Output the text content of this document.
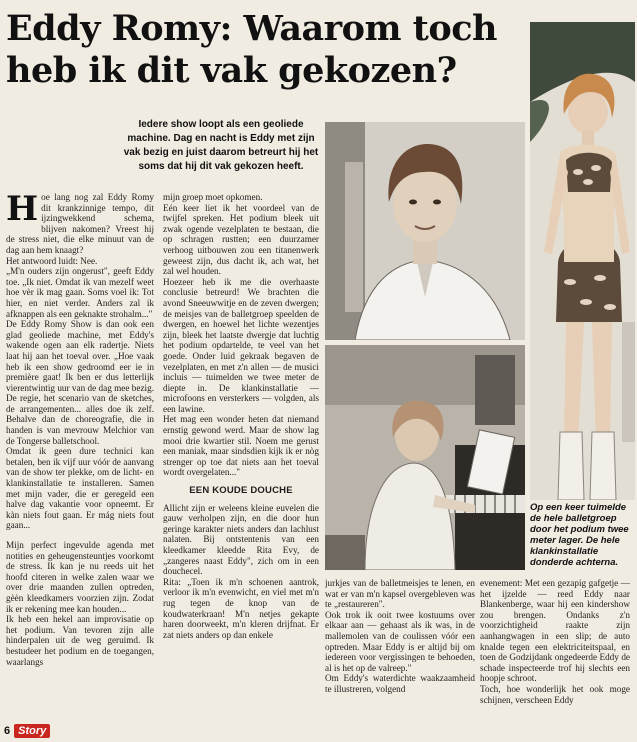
Eddy Romy: Waarom toch
heb ik dit vak gekozen?
Iedere show loopt als een geoliede machine. Dag en nacht is Eddy met zijn vak bezig en juist daarom betreurt hij het soms dat hij dit vak gekozen heeft.
H oe lang nog zal Eddy Romy dit krankzinnige tempo, dit ijzingwekkend schema, blijven nakomen? Vreest hij de stress niet, die elke minuut van de dag aan hem knaagt?

Het antwoord luidt: Nee.

„M'n ouders zijn ongerust", geeft Eddy toe. „Ik niet. Omdat ik van mezelf weet hoe vèr ik mag gaan. Soms voel ik: Tot hier, en niet verder. Anders zal ik afknappen als een geknakte strohalm..."

De Eddy Romy Show is dan ook een glad geoliede machine, met Eddy's wakende ogen aan elk radertje. Niets laat hij aan het toeval over. „Hoe vaak heb ik een show gedroomd eer ie in première gaat! Ik ben er dus letterlijk vierentwintig uur van de dag mee bezig. De regie, het scenario van de sketches, de arrangementen... alles doe ik zelf. Behalve dan de choreografie, die in handen is van mevrouw Melchior van de Tongerse balletschool.

Omdat ik geen dure technici kan betalen, ben ik vijf uur vóór de aanvang van de show ter plekke, om de licht- en klankinstallatie te installeren. Samen met mijn vader, die er geregeld een halve dag vakantie voor opneemt. Er kàn niets fout gaan. Er mág niets fout gaan...

Mijn perfect ingevulde agenda met notities en geheugensteuntjes voorkomt de stress. Ik kan je nu reeds uit het hoofd citeren in welke zalen waar we over drie maanden zullen optreden, gèèn kleedkamers voorzien zijn. Zodat ik er rekening mee kan houden...

Ik heb een hekel aan improvisatie op het podium. Van tevoren zijn alle hinderpalen uit de weg geruimd. Ik bestudeer het podium en de toegangen, waarlangs

mijn groep moet opkomen.

Eén keer liet ik het voordeel van de twijfel spreken. Het podium bleek uit zwak ogende vezelplaten te bestaan, die op schragen rustten; een duurzamer verhoog uitbouwen zou een titanenwerk geweest zijn, dus dacht ik, ach wat, het zal wel houden.

Hoezeer heb ik me die overhaaste conclusie betreurd! We brachten die avond Sneeuwwitje en de zeven dwergen; de meisjes van de balletgroep speelden de dwergen, en hoewel het lichte wezentjes zijn, bleek het laatste dwergje dat luchtig het podium opdartelde, te veel van het goede. Onder luid gekraak begaven de vezelplaten, en met z'n allen — de musici incluis — tuimelden we twee meter de diepte in. De klankinstallatie — microfoons en versterkers — volgden, als een lawine.

Het mag een wonder heten dat niemand ernstig gewond werd. Maar de show lag mooi drie kwartier stil. Noem me gerust een maniak, maar sindsdien kijk ik er nòg strenger op toe dat niets aan het toeval wordt overgelaten..."

EEN KOUDE DOUCHE

Allicht zijn er weleens kleine euvelen die gauw verholpen zijn, en die door hun geringe karakter niets anders dan lachlust nalaten. Bij ontstentenis van een kleedkamer kleedde Rita Evy, de „zangeres naast Eddy", zich om in een douchecel.

Rita: „Toen ik m'n schoenen aantrok, verloor ik m'n evenwicht, en viel met m'n rug tegen de knop van de koudwaterkraan! M'n netjes gekapte haren doorweekt, m'n kleren drijfnat. Er zat niets anders op dan enkele

Op een keer tuimelde de hele balletgroep door het podium twee meter lager. De hele klankinstallatie donderde achterna.

jurkjes van de balletmeisjes te lenen, en wat er van m'n kapsel overgebleven was te „restaureren".

Ook trok ik ooit twee kostuums over elkaar aan — gehaast als ik was, in de mallemolen van de coulissen vóór een optreden. Maar Eddy is er altijd bij om iedereen voor vergissingen te behoeden, al is het op de valreep."

Om Eddy's waterdichte waakzaamheid te illustreren, volgend

evenement: Met een gezapig gafgetje — het ijzelde — reed Eddy naar Blankenberge, waar hij een kindershow zou brengen. Ondanks z'n voorzichtigheid raakte zijn aanhangwagen in een slip; de auto knalde tegen een elektriciteitspaal, en toen de Godzijdank ongedeerde Eddy de schade inspecteerde trof hij slechts een hoopje schroot.

Toch, hoe wonderlijk het ook moge schijnen, verscheen Eddy

6 Story
